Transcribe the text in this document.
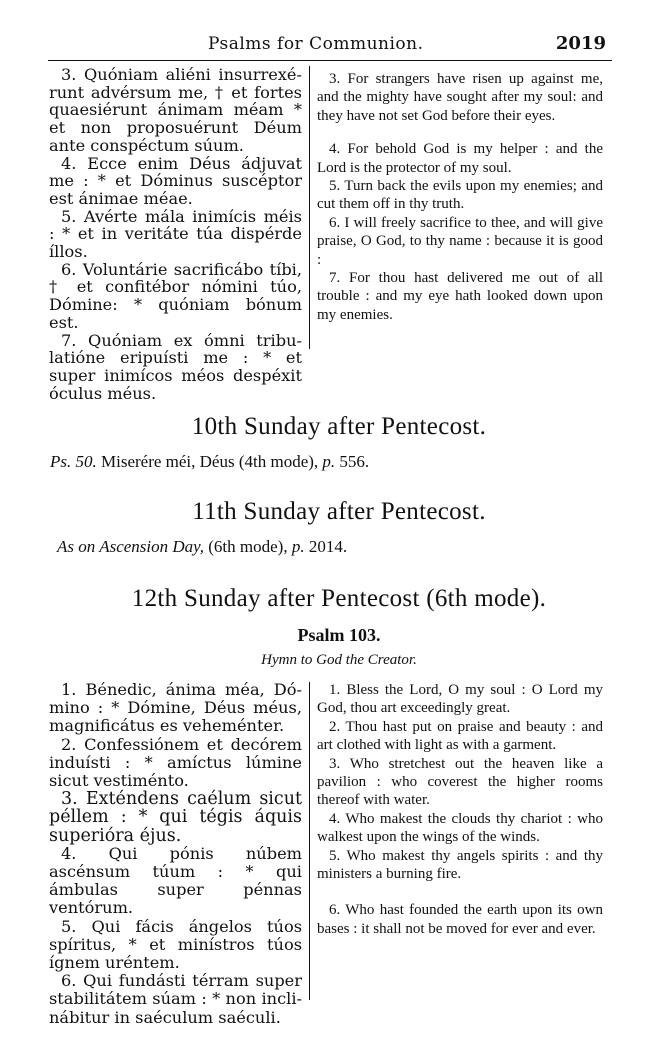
Psalms for Communion.	2019

3. Quóniam aliéni insurrexérunt advérsum me, † et fortes quaesiérunt ánimam méam * et non proposuérunt Déum ante conspéctum súum.

4. Ecce enim Déus ádjuvat me : * et Dóminus suscéptor est ánimae méae.

5. Avérte mála inimícis méis : * et in veritáte túa dispérde íllos.

6. Voluntárie sacrificábo tíbi, † et confitébor nómini túo, Dómine: * quóniam bónum est.

7. Quóniam ex ómni tribulatióne eripuísti me : * et super inimícos méos despéxit óculus méus.

3. For strangers have risen up against me, and the mighty have sought after my soul: and they have not set God before their eyes.

4. For behold God is my helper : and the Lord is the protector of my soul.

5. Turn back the evils upon my enemies; and cut them off in thy truth.

6. I will freely sacrifice to thee, and will give praise, O God, to thy name : because it is good :

7. For thou hast delivered me out of all trouble : and my eye hath looked down upon my enemies.

10th Sunday after Pentecost.
Ps. 50. Miserére méi, Déus (4th mode), p. 556.
11th Sunday after Pentecost.
As on Ascension Day, (6th mode), p. 2014.
12th Sunday after Pentecost (6th mode).
Psalm 103.
Hymn to God the Creator.

1. Bénedic, ánima méa, Dómino : * Dómine, Déus méus, magnificátus es veheménter.

2. Confessiónem et decórem induísti : * amíctus lúmine sicut vestiménto.

3. Exténdens caélum sicut péllem : * qui tégis áquis superióra éjus.

4. Qui pónis núbem ascénsum túum : * qui ámbulas super pénnas ventórum.

5. Qui fácis ángelos túos spíritus, * et minístros túos ígnem uréntem.

6. Qui fundásti térram super stabilitátem súam : * non inclinábitur in saéculum saéculi.

1. Bless the Lord, O my soul : O Lord my God, thou art exceedingly great.

2. Thou hast put on praise and beauty : and art clothed with light as with a garment.

3. Who stretchest out the heaven like a pavilion : who coverest the higher rooms thereof with water.

4. Who makest the clouds thy chariot : who walkest upon the wings of the winds.

5. Who makest thy angels spirits : and thy ministers a burning fire.

6. Who hast founded the earth upon its own bases : it shall not be moved for ever and ever.
